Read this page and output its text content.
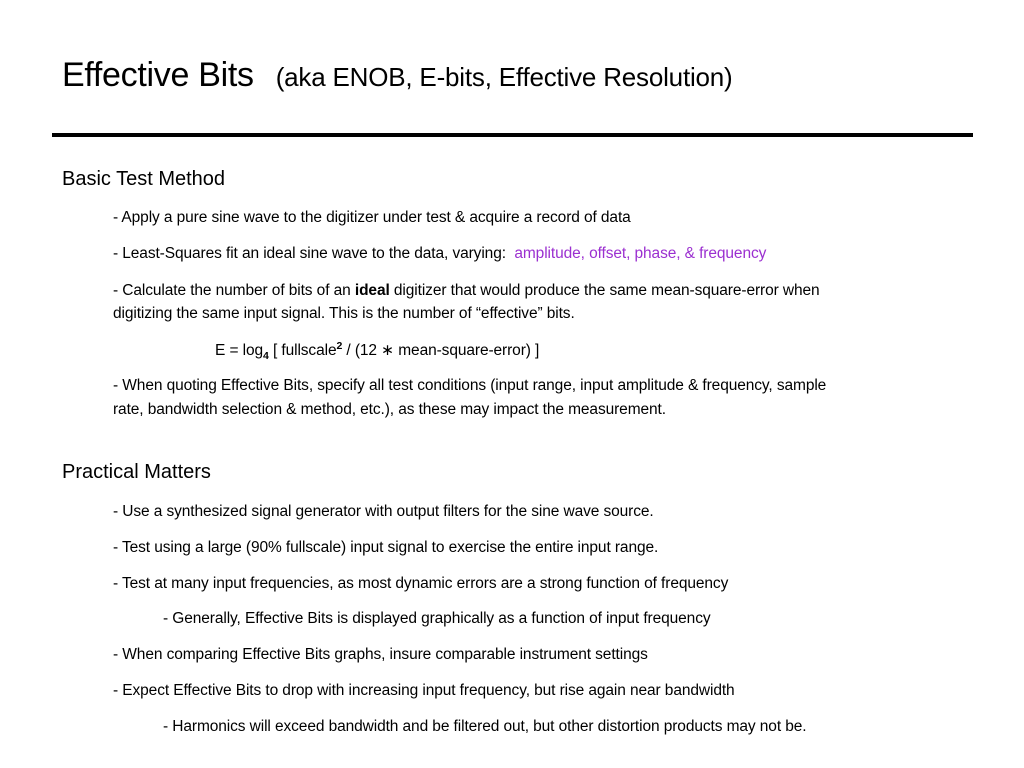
Effective Bits (aka ENOB, E-bits, Effective Resolution)
Basic Test Method
- Apply a pure sine wave to the digitizer under test & acquire a record of data
- Least-Squares fit an ideal sine wave to the data, varying: amplitude, offset, phase, & frequency
- Calculate the number of bits of an ideal digitizer that would produce the same mean-square-error when
digitizing the same input signal. This is the number of “effective” bits.
$E = \log_4$ [ fullscale$^2$ / (12 ∗ mean-square-error) ]
- When quoting Effective Bits, specify all test conditions (input range, input amplitude & frequency, sample
rate, bandwidth selection & method, etc.), as these may impact the measurement.
Practical Matters
- Use a synthesized signal generator with output filters for the sine wave source.
- Test using a large (90% fullscale) input signal to exercise the entire input range.
- Test at many input frequencies, as most dynamic errors are a strong function of frequency
- Generally, Effective Bits is displayed graphically as a function of input frequency
- When comparing Effective Bits graphs, insure comparable instrument settings
- Expect Effective Bits to drop with increasing input frequency, but rise again near bandwidth
- Harmonics will exceed bandwidth and be filtered out, but other distortion products may not be.
